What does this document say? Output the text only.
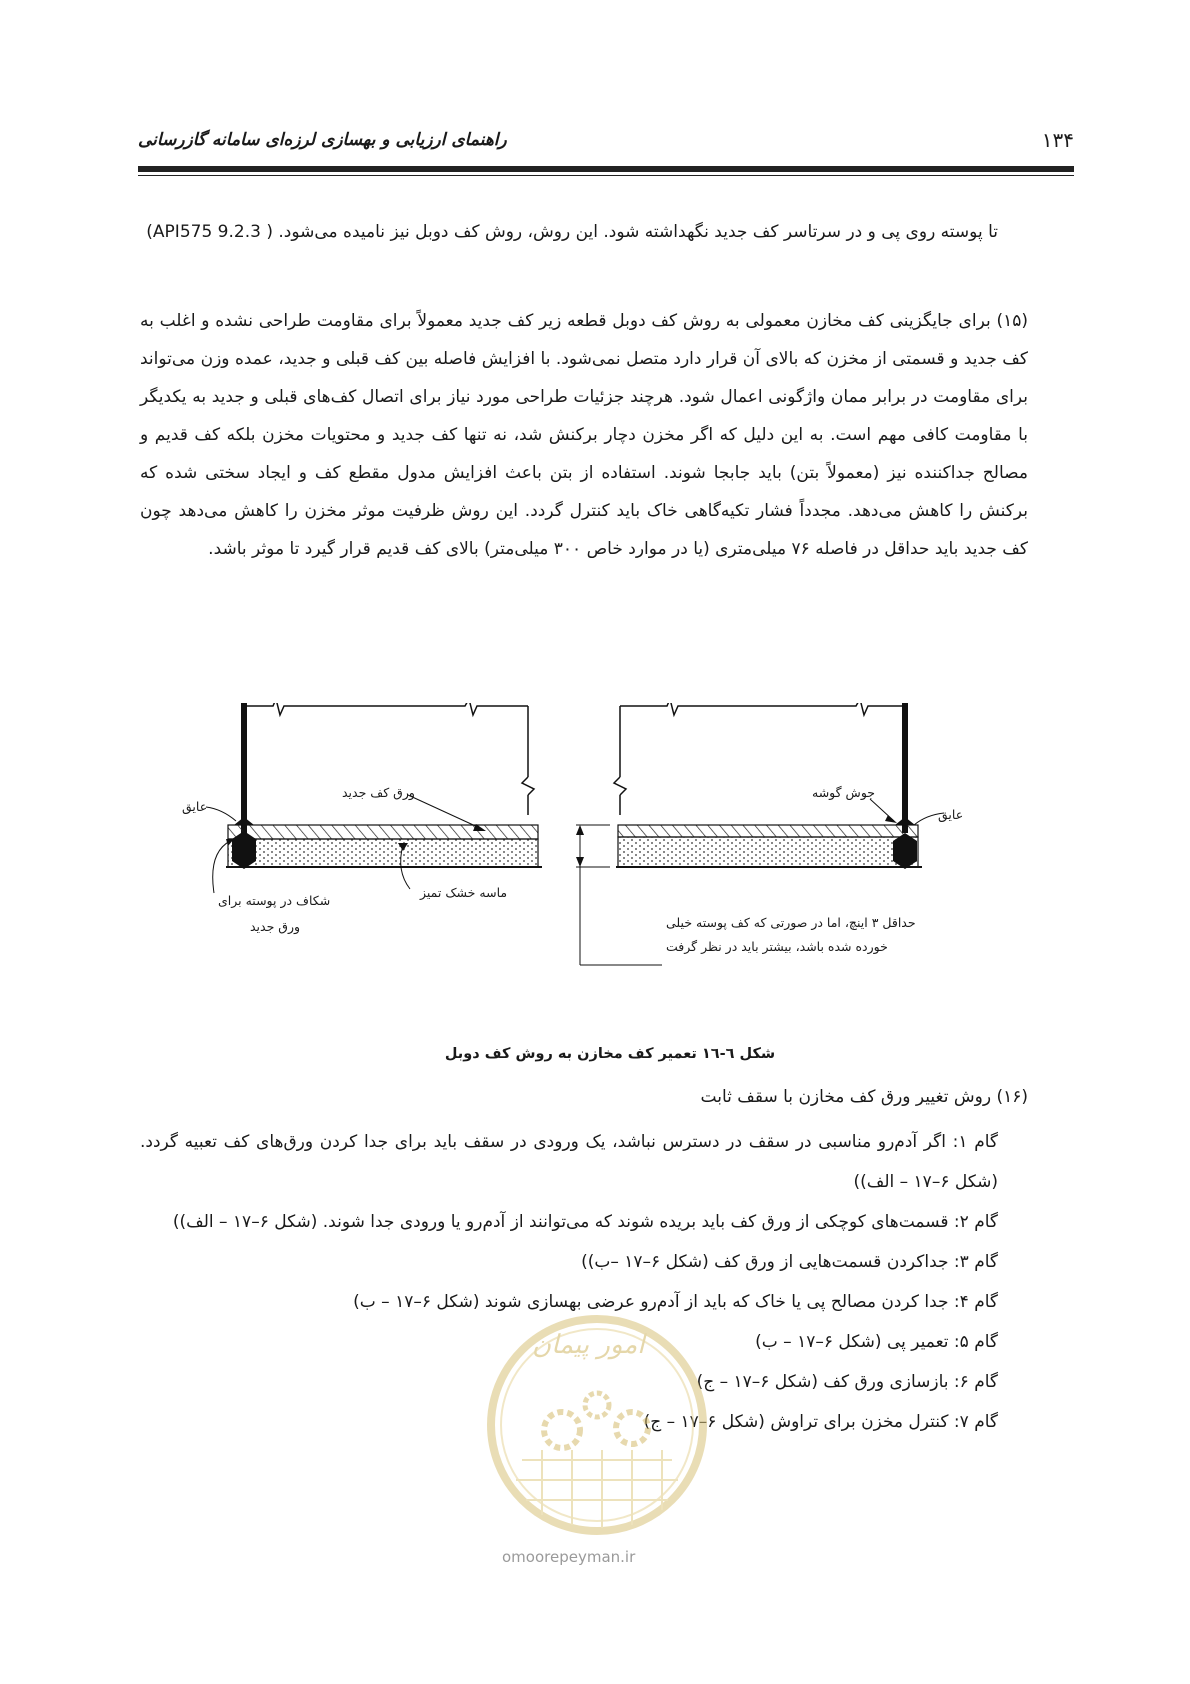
۱۳۴
راهنمای ارزیابی و بهسازی لرزه‌ای سامانه گازرسانی
تا پوسته روی پی و در سرتاسر کف جدید نگهداشته شود. این روش، روش کف دوبل نیز نامیده می‌شود. ( API575 9.2.3)
(۱۵) برای جایگزینی کف مخازن معمولی به روش کف دوبل قطعه زیر کف جدید معمولاً برای مقاومت طراحی نشده و اغلب به کف جدید و قسمتی از مخزن که بالای آن قرار دارد متصل نمی‌شود. با افزایش فاصله بین کف قبلی و جدید، عمده وزن می‌تواند برای مقاومت در برابر ممان واژگونی اعمال شود. هرچند جزئیات طراحی مورد نیاز برای اتصال کف‌های قبلی و جدید به یکدیگر با مقاومت کافی مهم است. به این دلیل که اگر مخزن دچار برکنش شد، نه تنها کف جدید و محتویات مخزن بلکه کف قدیم و مصالح جداکننده نیز (معمولاً بتن) باید جابجا شوند. استفاده از بتن باعث افزایش مدول مقطع کف و ایجاد سختی شده که برکنش را کاهش می‌دهد. مجدداً فشار تکیه‌گاهی خاک باید کنترل گردد. این روش ظرفیت موثر مخزن را کاهش می‌دهد چون کف جدید باید حداقل در فاصله ۷۶ میلی‌متری (یا در موارد خاص ۳۰۰ میلی‌متر) بالای کف قدیم قرار گیرد تا موثر باشد.
ورق کف جدید
عایق
شکاف در پوسته برای
ورق جدید
ماسه خشک تمیز
جوش گوشه
عایق
حداقل ۳ اینچ، اما در صورتی که کف پوسته خیلی
خورده شده باشد، بیشتر باید در نظر گرفت
شکل ٦-١٦ تعمیر کف مخازن به روش کف دوبل
(۱۶) روش تغییر ورق کف مخازن با سقف ثابت
گام ۱: اگر آدم‌رو مناسبی در سقف در دسترس نباشد، یک ورودی در سقف باید برای جدا کردن ورق‌های کف تعبیه گردد. (شکل ۶–۱۷ – الف))
گام ۲: قسمت‌های کوچکی از ورق کف باید بریده شوند که می‌توانند از آدم‌رو یا ورودی جدا شوند. (شکل ۶–۱۷ – الف))
گام ۳: جداکردن قسمت‌هایی از ورق کف (شکل ۶–۱۷ –ب))
گام ۴: جدا کردن مصالح پی یا خاک که باید از آدم‌رو عرضی بهسازی شوند (شکل ۶–۱۷ – ب)
گام ۵: تعمیر پی (شکل ۶–۱۷ – ب)
گام ۶: بازسازی ورق کف (شکل ۶–۱۷ – ج)
گام ۷: کنترل مخزن برای تراوش (شکل ۶–۱۷ – ج)
امور پیمان
omoorepeyman.ir
